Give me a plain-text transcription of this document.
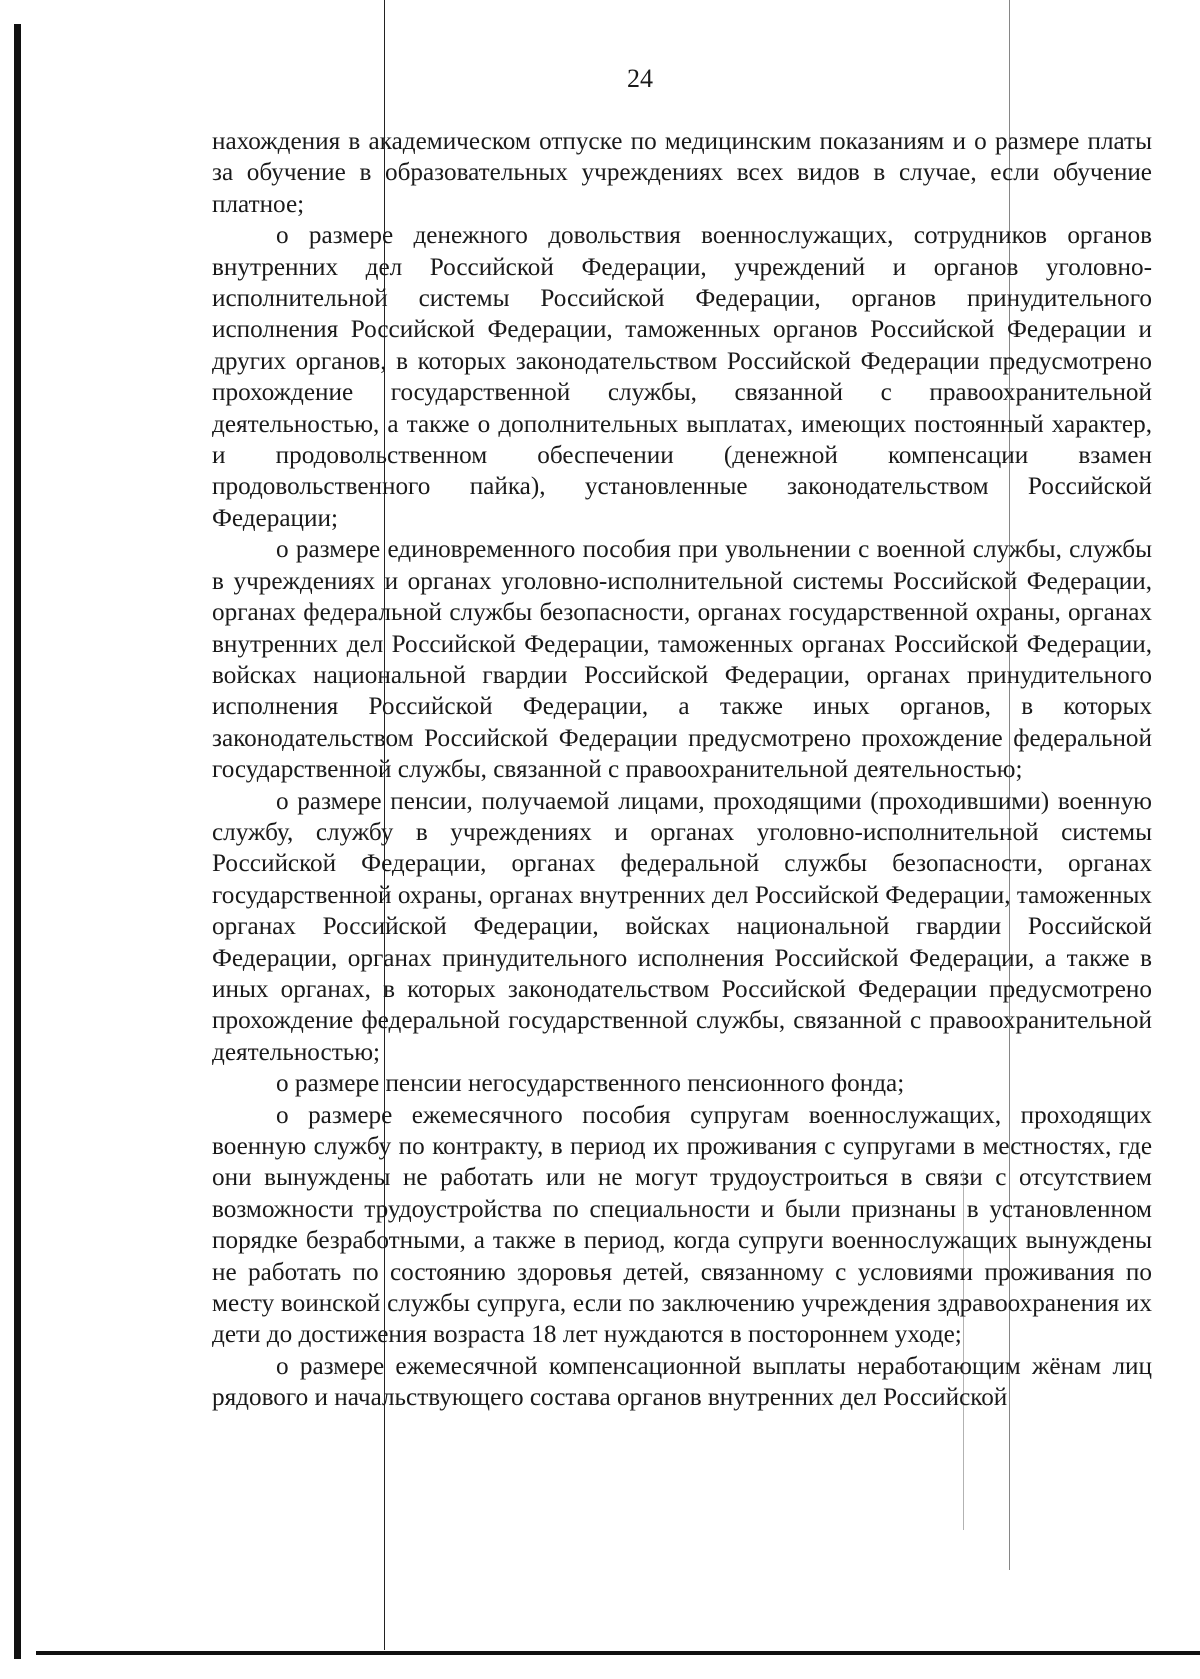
24

нахождения в академическом отпуске по медицинским показаниям и о размере платы за обучение в образовательных учреждениях всех видов в случае, если обучение платное;

о размере денежного довольствия военнослужащих, сотрудников органов внутренних дел Российской Федерации, учреждений и органов уголовно-исполнительной системы Российской Федерации, органов принудительного исполнения Российской Федерации, таможенных органов Российской Федерации и других органов, в которых законодательством Российской Федерации предусмотрено прохождение государственной службы, связанной с правоохранительной деятельностью, а также о дополнительных выплатах, имеющих постоянный характер, и продовольственном обеспечении (денежной компенсации взамен продовольственного пайка), установленные законодательством Российской Федерации;

о размере единовременного пособия при увольнении с военной службы, службы в учреждениях и органах уголовно-исполнительной системы Российской Федерации, органах федеральной службы безопасности, органах государственной охраны, органах внутренних дел Российской Федерации, таможенных органах Российской Федерации, войсках национальной гвардии Российской Федерации, органах принудительного исполнения Российской Федерации, а также иных органов, в которых законодательством Российской Федерации предусмотрено прохождение федеральной государственной службы, связанной с правоохранительной деятельностью;

о размере пенсии, получаемой лицами, проходящими (проходившими) военную службу, службу в учреждениях и органах уголовно-исполнительной системы Российской Федерации, органах федеральной службы безопасности, органах государственной охраны, органах внутренних дел Российской Федерации, таможенных органах Российской Федерации, войсках национальной гвардии Российской Федерации, органах принудительного исполнения Российской Федерации, а также в иных органах, в которых законодательством Российской Федерации предусмотрено прохождение федеральной государственной службы, связанной с правоохранительной деятельностью;

о размере пенсии негосударственного пенсионного фонда;

о размере ежемесячного пособия супругам военнослужащих, проходящих военную службу по контракту, в период их проживания с супругами в местностях, где они вынуждены не работать или не могут трудоустроиться в связи с отсутствием возможности трудоустройства по специальности и были признаны в установленном порядке безработными, а также в период, когда супруги военнослужащих вынуждены не работать по состоянию здоровья детей, связанному с условиями проживания по месту воинской службы супруга, если по заключению учреждения здравоохранения их дети до достижения возраста 18 лет нуждаются в постороннем уходе;

о размере ежемесячной компенсационной выплаты неработающим жёнам лиц рядового и начальствующего состава органов внутренних дел Российской
